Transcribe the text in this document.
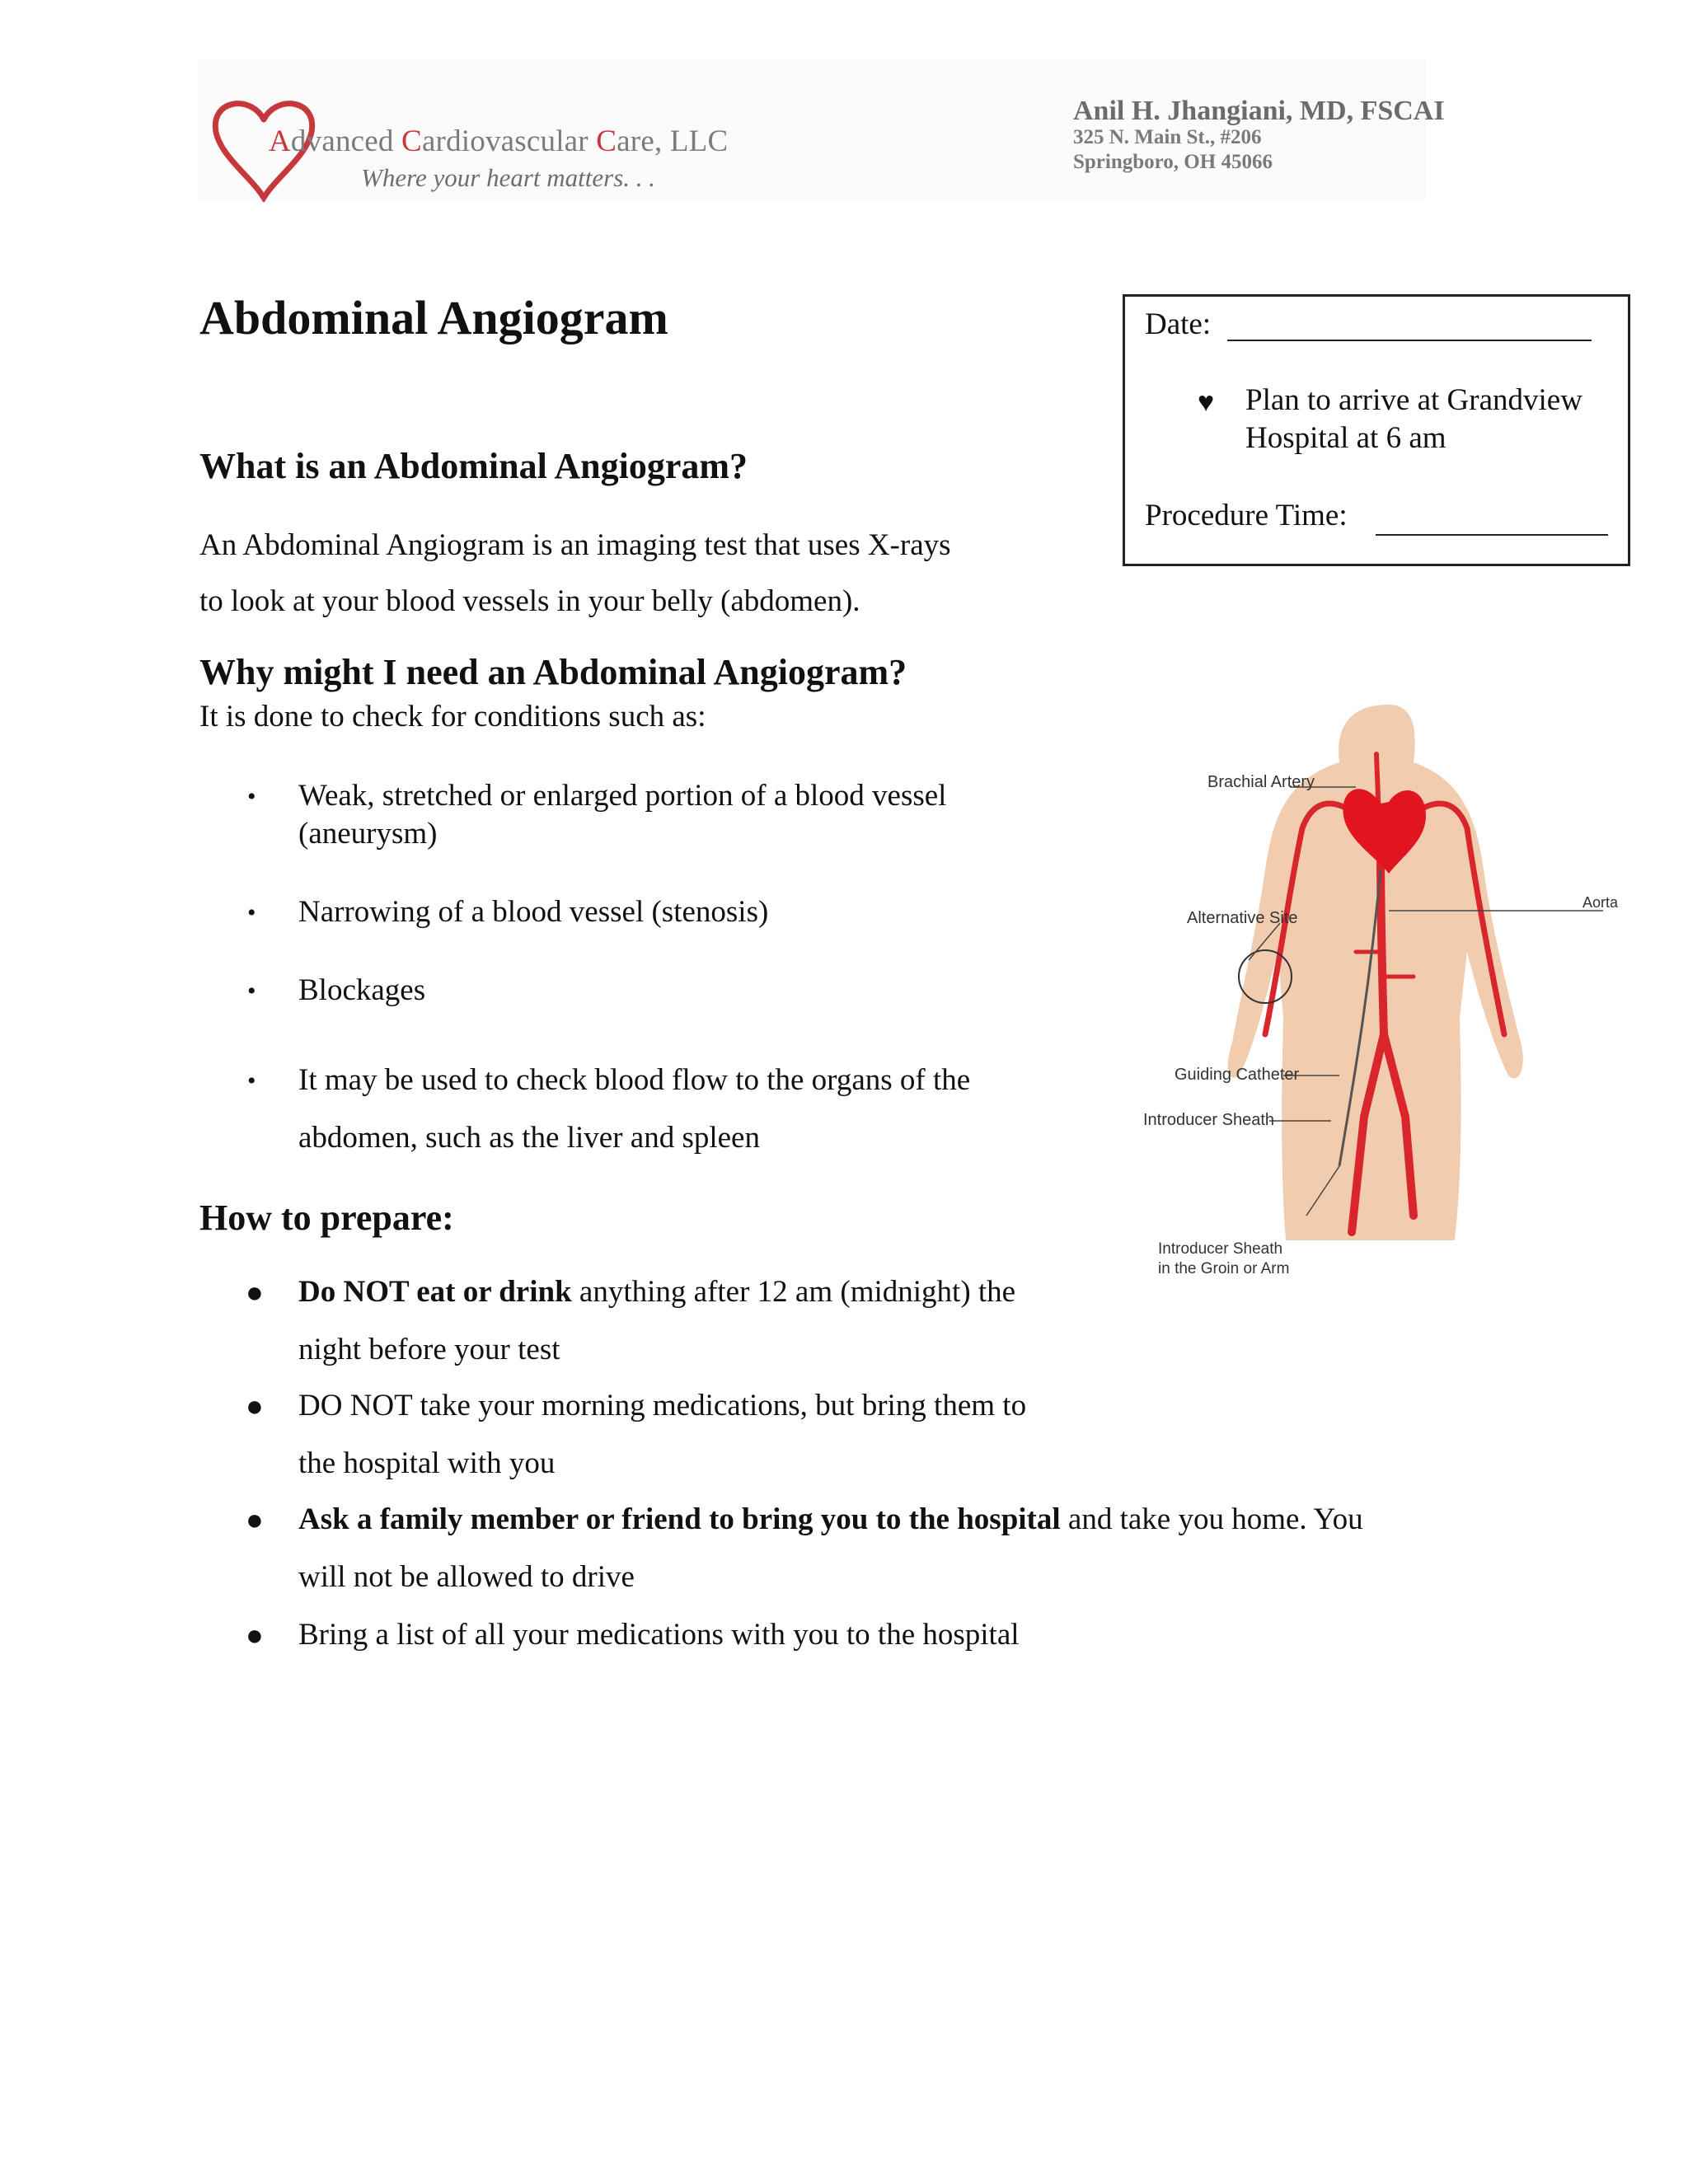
Advanced Cardiovascular Care, LLC
Where your heart matters. . .
Anil H. Jhangiani, MD, FSCAI
325 N. Main St., #206
Springboro, OH 45066
Abdominal Angiogram	Date:
♥ Plan to arrive at Grandview
Hospital at 6 am
Procedure Time:
What is an Abdominal Angiogram?
An Abdominal Angiogram is an imaging test that uses X-rays
to look at your blood vessels in your belly (abdomen).
Why might I need an Abdominal Angiogram?
It is done to check for conditions such as:
• Weak, stretched or enlarged portion of a blood vessel
(aneurysm)
• Narrowing of a blood vessel (stenosis)
• Blockages
• It may be used to check blood flow to the organs of the
abdomen, such as the liver and spleen
How to prepare:
● Do NOT eat or drink anything after 12 am (midnight) the
night before your test
● DO NOT take your morning medications, but bring them to
the hospital with you
● Ask a family member or friend to bring you to the hospital and take you home. You
will not be allowed to drive
● Bring a list of all your medications with you to the hospital
Brachial Artery
Alternative Site
Aorta
Guiding Catheter
Introducer Sheath
Introducer Sheath
in the Groin or Arm
